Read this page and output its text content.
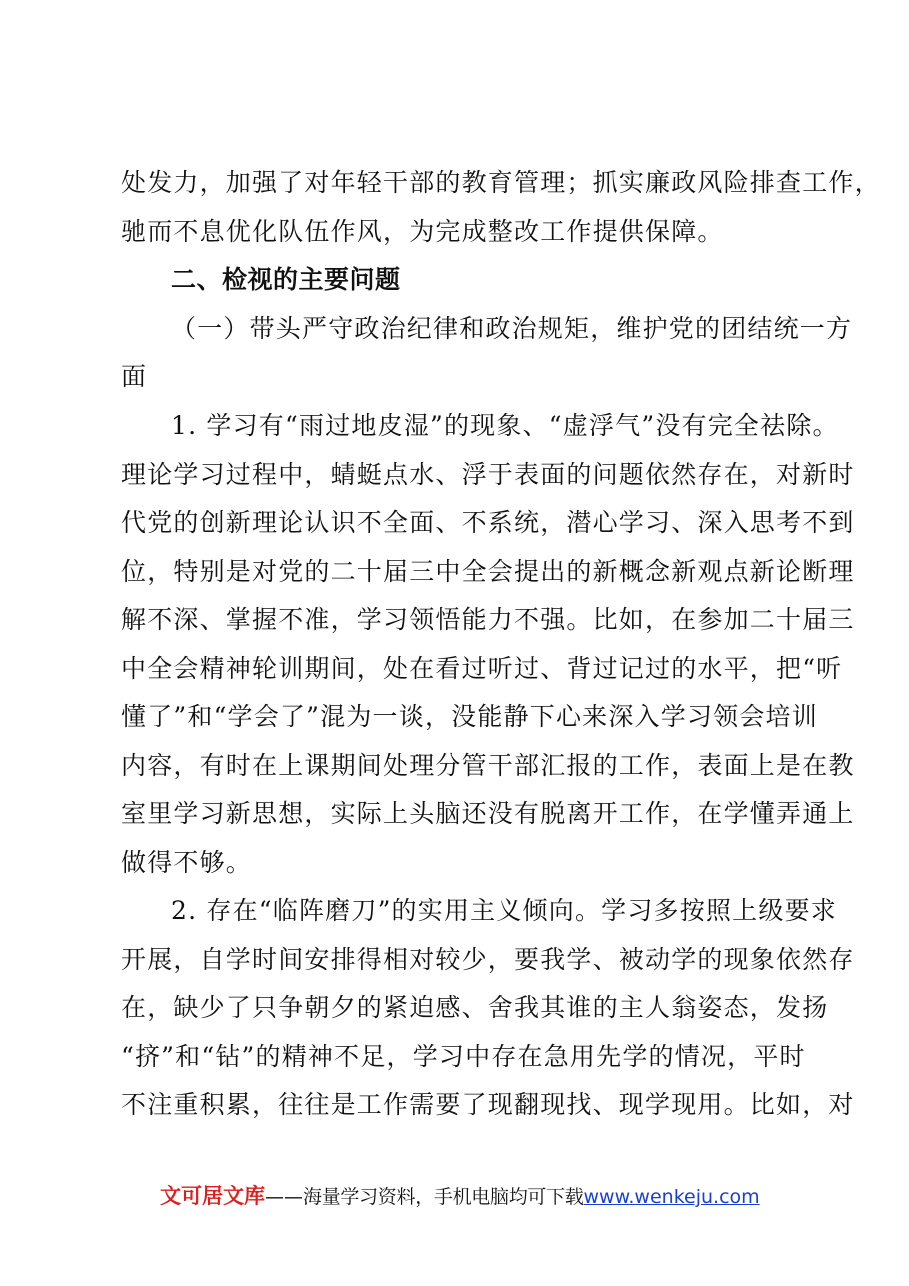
处发力，加强了对年轻干部的教育管理；抓实廉政风险排查工作，
驰而不息优化队伍作风，为完成整改工作提供保障。
二、检视的主要问题
（一）带头严守政治纪律和政治规矩，维护党的团结统一方
面
1. 学习有“雨过地皮湿”的现象、“虚浮气”没有完全祛除。
理论学习过程中，蜻蜓点水、浮于表面的问题依然存在，对新时
代党的创新理论认识不全面、不系统，潜心学习、深入思考不到
位，特别是对党的二十届三中全会提出的新概念新观点新论断理
解不深、掌握不准，学习领悟能力不强。比如，在参加二十届三
中全会精神轮训期间，处在看过听过、背过记过的水平，把“听
懂了”和“学会了”混为一谈，没能静下心来深入学习领会培训
内容，有时在上课期间处理分管干部汇报的工作，表面上是在教
室里学习新思想，实际上头脑还没有脱离开工作，在学懂弄通上
做得不够。
2. 存在“临阵磨刀”的实用主义倾向。学习多按照上级要求
开展，自学时间安排得相对较少，要我学、被动学的现象依然存
在，缺少了只争朝夕的紧迫感、舍我其谁的主人翁姿态，发扬
“挤”和“钻”的精神不足，学习中存在急用先学的情况，平时
不注重积累，往往是工作需要了现翻现找、现学现用。比如，对
文可居文库——海量学习资料，手机电脑均可下载www.wenkeju.com
